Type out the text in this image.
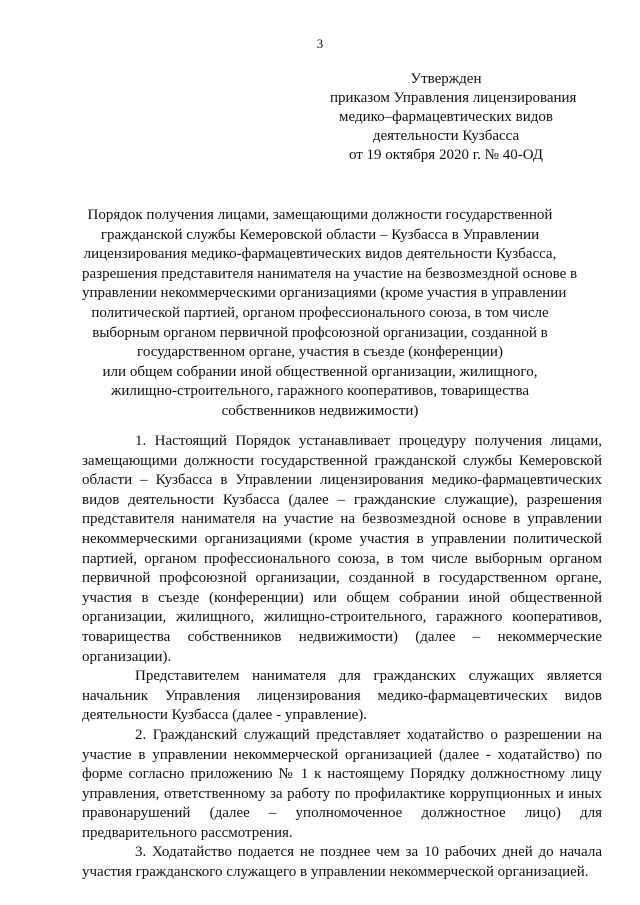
3
Утвержден
приказом Управления лицензирования
медико–фармацевтических видов
деятельности Кузбасса
от 19 октября 2020 г. № 40-ОД
Порядок получения лицами, замещающими должности государственной
гражданской службы Кемеровской области – Кузбасса в Управлении
лицензирования медико-фармацевтических видов деятельности Кузбасса,
разрешения представителя нанимателя на участие на безвозмездной основе в
управлении некоммерческими организациями (кроме участия в управлении
политической партией, органом профессионального союза, в том числе
выборным органом первичной профсоюзной организации, созданной в
государственном органе, участия в съезде (конференции)
или общем собрании иной общественной организации, жилищного,
жилищно-строительного, гаражного кооперативов, товарищества
собственников недвижимости)

1. Настоящий Порядок устанавливает процедуру получения лицами, замещающими должности государственной гражданской службы Кемеровской области – Кузбасса в Управлении лицензирования медико-фармацевтических видов деятельности Кузбасса (далее – гражданские служащие), разрешения представителя нанимателя на участие на безвозмездной основе в управлении некоммерческими организациями (кроме участия в управлении политической партией, органом профессионального союза, в том числе выборным органом первичной профсоюзной организации, созданной в государственном органе, участия в съезде (конференции) или общем собрании иной общественной организации, жилищного, жилищно-строительного, гаражного кооперативов, товарищества собственников недвижимости) (далее – некоммерческие организации).

Представителем нанимателя для гражданских служащих является начальник Управления лицензирования медико-фармацевтических видов деятельности Кузбасса (далее - управление).

2. Гражданский служащий представляет ходатайство о разрешении на участие в управлении некоммерческой организацией (далее - ходатайство) по форме согласно приложению № 1 к настоящему Порядку должностному лицу управления, ответственному за работу по профилактике коррупционных и иных правонарушений (далее – уполномоченное должностное лицо) для предварительного рассмотрения.

3. Ходатайство подается не позднее чем за 10 рабочих дней до начала участия гражданского служащего в управлении некоммерческой организацией.
